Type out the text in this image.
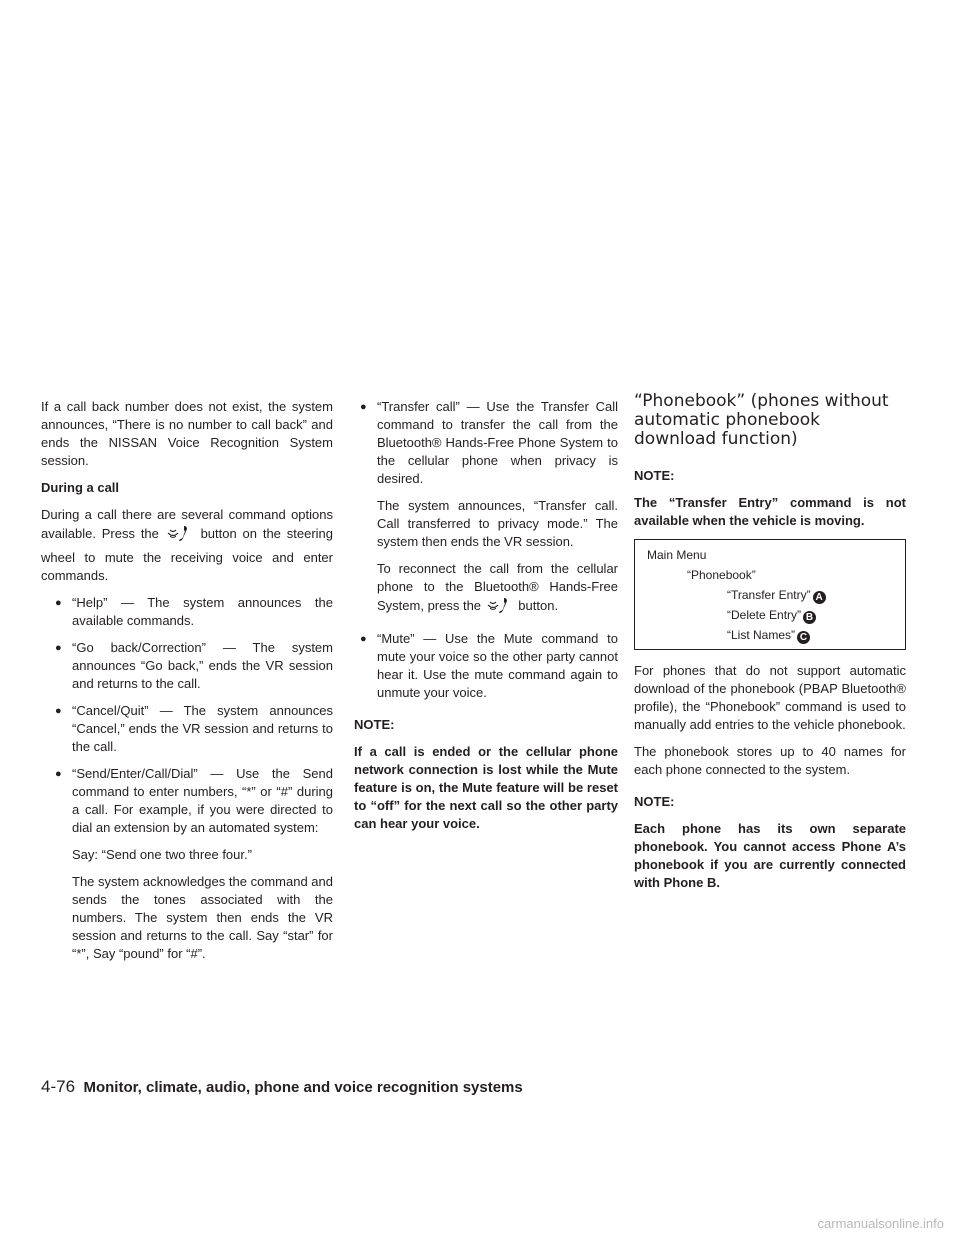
If a call back number does not exist, the system announces, “There is no number to call back” and ends the NISSAN Voice Recognition System session.

During a call

During a call there are several command options available. Press the	button on the steering wheel to mute the receiving voice and enter commands.

● “Help” — The system announces the available commands.
● “Go back/Correction” — The system announces “Go back,” ends the VR session and returns to the call.
● “Cancel/Quit” — The system announces “Cancel,” ends the VR session and returns to the call.
● “Send/Enter/Call/Dial” — Use the Send command to enter numbers, “*” or “#” during a call. For example, if you were directed to dial an extension by an automated system:
Say: “Send one two three four.”
The system acknowledges the command and sends the tones associated with the numbers. The system then ends the VR session and returns to the call. Say “star” for “*”, Say “pound” for “#”.
● “Transfer call” — Use the Transfer Call command to transfer the call from the Bluetooth® Hands-Free Phone System to the cellular phone when privacy is desired.
The system announces, “Transfer call. Call transferred to privacy mode.” The system then ends the VR session.
To reconnect the call from the cellular phone to the Bluetooth® Hands-Free System, press the	button.
● “Mute” — Use the Mute command to mute your voice so the other party cannot hear it. Use the mute command again to unmute your voice.

NOTE:

If a call is ended or the cellular phone network connection is lost while the Mute feature is on, the Mute feature will be reset to “off” for the next call so the other party can hear your voice.

“Phonebook” (phones without automatic phonebook download function)

NOTE:

The “Transfer Entry” command is not available when the vehicle is moving.

Main Menu
“Phonebook”
“Transfer Entry” A
“Delete Entry” B
“List Names” C

For phones that do not support automatic download of the phonebook (PBAP Bluetooth® profile), the “Phonebook” command is used to manually add entries to the vehicle phonebook.

The phonebook stores up to 40 names for each phone connected to the system.

NOTE:

Each phone has its own separate phonebook. You cannot access Phone A’s phonebook if you are currently connected with Phone B.

4-76 Monitor, climate, audio, phone and voice recognition systems
carmanualsonline.info
